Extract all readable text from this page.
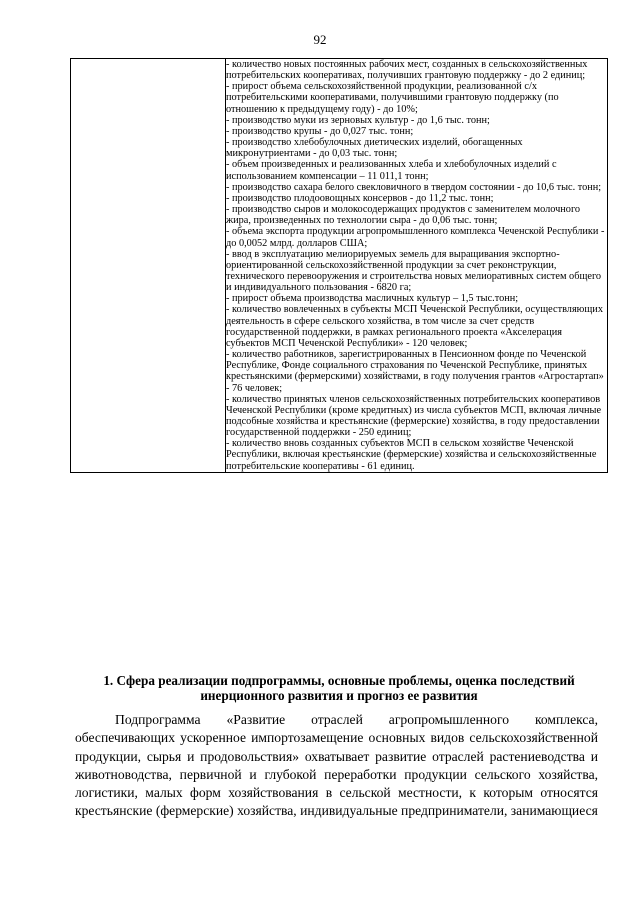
92

- количество новых постоянных рабочих мест, созданных в сельскохозяйственных потребительских кооперативах, получивших грантовую поддержку - до 2 единиц;

- прирост объема сельскохозяйственной продукции, реализованной с/х потребительскими кооперативами, получившими грантовую поддержку (по отношению к предыдущему году) - до 10%;

- производство муки из зерновых культур - до 1,6 тыс. тонн;

- производство крупы - до 0,027 тыс. тонн;

- производство хлебобулочных диетических изделий, обогащенных микронутриентами - до 0,03 тыс. тонн;

- объем произведенных и реализованных хлеба и хлебобулочных изделий с использованием компенсации – 11 011,1 тонн;

- производство сахара белого свекловичного в твердом состоянии - до 10,6 тыс. тонн;

- производство плодоовощных консервов - до 11,2 тыс. тонн;

- производство сыров и молокосодержащих продуктов с заменителем молочного жира, произведенных по технологии сыра - до 0,06 тыс. тонн;

- объема экспорта продукции агропромышленного комплекса Чеченской Республики - до 0,0052 млрд. долларов США;

- ввод в эксплуатацию мелиорируемых земель для выращивания экспортно-ориентированной сельскохозяйственной продукции за счет реконструкции, технического перевооружения и строительства новых мелиоративных систем общего и индивидуального пользования - 6820 га;

- прирост объема производства масличных культур – 1,5 тыс.тонн;

- количество вовлеченных в субъекты МСП Чеченской Республики, осуществляющих деятельность в сфере сельского хозяйства, в том числе за счет средств государственной поддержки, в рамках регионального проекта «Акселерация субъектов МСП Чеченской Республики» - 120 человек;

- количество работников, зарегистрированных в Пенсионном фонде по Чеченской Республике, Фонде социального страхования по Чеченской Республике, принятых крестьянскими (фермерскими) хозяйствами, в году получения грантов «Агростартап» - 76 человек;

- количество принятых членов сельскохозяйственных потребительских кооперативов Чеченской Республики (кроме кредитных) из числа субъектов МСП, включая личные подсобные хозяйства и крестьянские (фермерские) хозяйства, в году предоставлении государственной поддержки - 250 единиц;

- количество вновь созданных субъектов МСП в сельском хозяйстве Чеченской Республики, включая крестьянские (фермерские) хозяйства и сельскохозяйственные потребительские кооперативы - 61 единиц.

1. Сфера реализации подпрограммы, основные проблемы, оценка последствий инерционного развития и прогноз ее развития

Подпрограмма «Развитие отраслей агропромышленного комплекса, обеспечивающих ускоренное импортозамещение основных видов сельскохозяйственной продукции, сырья и продовольствия» охватывает развитие отраслей растениеводства и животноводства, первичной и глубокой переработки продукции сельского хозяйства, логистики, малых форм хозяйствования в сельской местности, к которым относятся крестьянские (фермерские) хозяйства, индивидуальные предприниматели, занимающиеся
